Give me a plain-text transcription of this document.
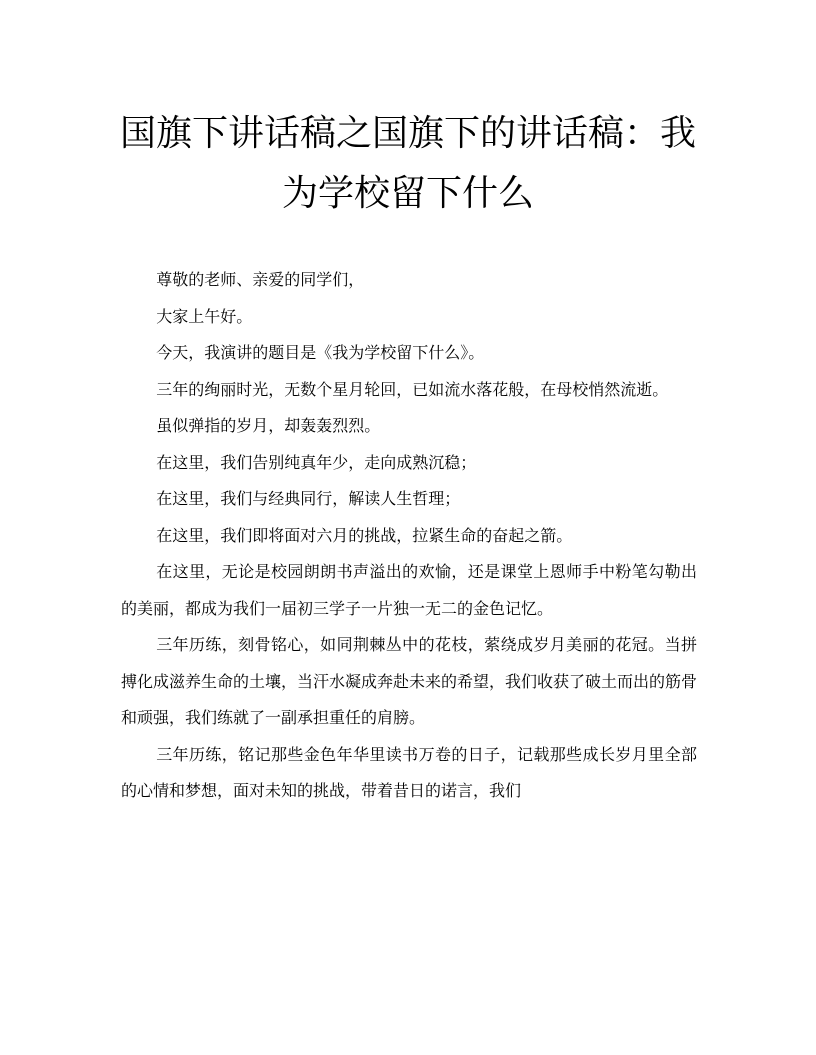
国旗下讲话稿之国旗下的讲话稿：我为学校留下什么

尊敬的老师、亲爱的同学们，

大家上午好。

今天，我演讲的题目是《我为学校留下什么》。

三年的绚丽时光，无数个星月轮回，已如流水落花般，在母校悄然流逝。

虽似弹指的岁月，却轰轰烈烈。

在这里，我们告别纯真年少，走向成熟沉稳；

在这里，我们与经典同行，解读人生哲理；

在这里，我们即将面对六月的挑战，拉紧生命的奋起之箭。

在这里，无论是校园朗朗书声溢出的欢愉，还是课堂上恩师手中粉笔勾勒出的美丽，都成为我们一届初三学子一片独一无二的金色记忆。

三年历练，刻骨铭心，如同荆棘丛中的花枝，萦绕成岁月美丽的花冠。当拼搏化成滋养生命的土壤，当汗水凝成奔赴未来的希望，我们收获了破土而出的筋骨和顽强，我们练就了一副承担重任的肩膀。

三年历练，铭记那些金色年华里读书万卷的日子，记载那些成长岁月里全部的心情和梦想，面对未知的挑战，带着昔日的诺言，我们
